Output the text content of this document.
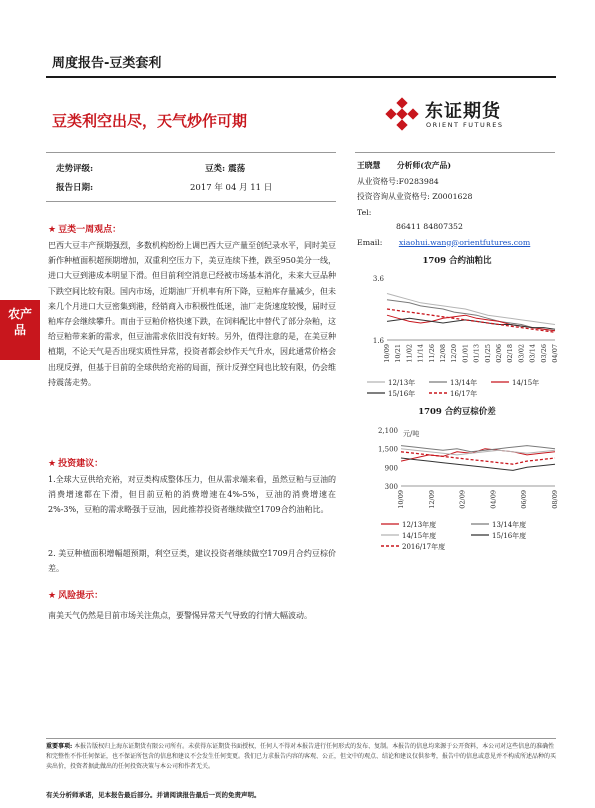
周度报告-豆类套利
豆类利空出尽，天气炒作可期	东证期货
ORIENT FUTURES
走势评级:	豆类: 震荡
报告日期:	2017 年 04 月 11 日
农产品
★ 豆类一周观点：
巴西大豆丰产预期强烈，多数机构纷纷上调巴西大豆产量至创纪录水平，同时美豆新作种植面积超预期增加，双重利空压力下，美豆连续下挫，跌至950美分一线，进口大豆到港成本明显下滑。但目前利空消息已经被市场基本消化，未来大豆品种下跌空间比较有限。国内市场，近期油厂开机率有所下降，豆粕库存量减少，但未来几个月进口大豆密集到港，经销商入市积极性低迷，油厂走货速度较慢，届时豆粕库存会继续攀升。而由于豆粕价格快速下跌，在饲料配比中替代了部分杂粕，这给豆粕带来新的需求，但豆油需求依旧没有好转。另外，值得注意的是，在美豆种植期，不论天气是否出现实质性异常，投资者都会炒作天气升水，因此通常价格会出现反弹，但基于目前的全球供给充裕的局面，预计反弹空间也比较有限，仍会维持震荡走势。
★ 投资建议：
1.全球大豆供给充裕，对豆类构成整体压力，但从需求端来看，虽然豆粕与豆油的消费增速都在下滑，但目前豆粕的消费增速在4%-5%，豆油的消费增速在2%-3%，豆粕的需求略强于豆油，因此推荐投资者继续做空1709合约油粕比。
2. 美豆种植面积增幅超预期，利空豆类，建议投资者继续做空1709月合约豆棕价差。
★ 风险提示：
南美天气仍然是目前市场关注焦点，要警惕异常天气导致的行情大幅波动。
王晓慧 分析师(农产品)
从业资格号:F0283984
投资咨询从业资格号: Z0001628
Tel:
86411 84807352
Email: xiaohui.wang@orientfutures.com
1709 合约油粕比
3.6
1.6
10/09 10/21 11/02 11/14 11/26 12/08 12/20 01/01 01/13 01/25 02/06 02/18 03/02 03/14 03/26 04/07
12/13年	13/14年	14/15年
15/16年	16/17年
1709 合约豆棕价差
2,100
1,500
900
300
元/吨
10/09	12/09	02/09	04/09	06/09	08/09
12/13年度	13/14年度
14/15年度	15/16年度
2016/17年度
重要事项: 本报告版权归上海东证期货有限公司所有。未获得东证期货书面授权，任何人不得对本报告进行任何形式的发布、复制。本报告的信息均来源于公开资料，本公司对这些信息的准确性和完整性不作任何保证，也不保证所包含的信息和建议不会发生任何变更。我们已力求报告内容的客观、公正，但文中的观点、结论和建议仅供参考，报告中的信息或意见并不构成所述品种的买卖出价，投资者据此做出的任何投资决策与本公司和作者无关。
有关分析师承诺，见本报告最后部分。并请阅读报告最后一页的免责声明。
